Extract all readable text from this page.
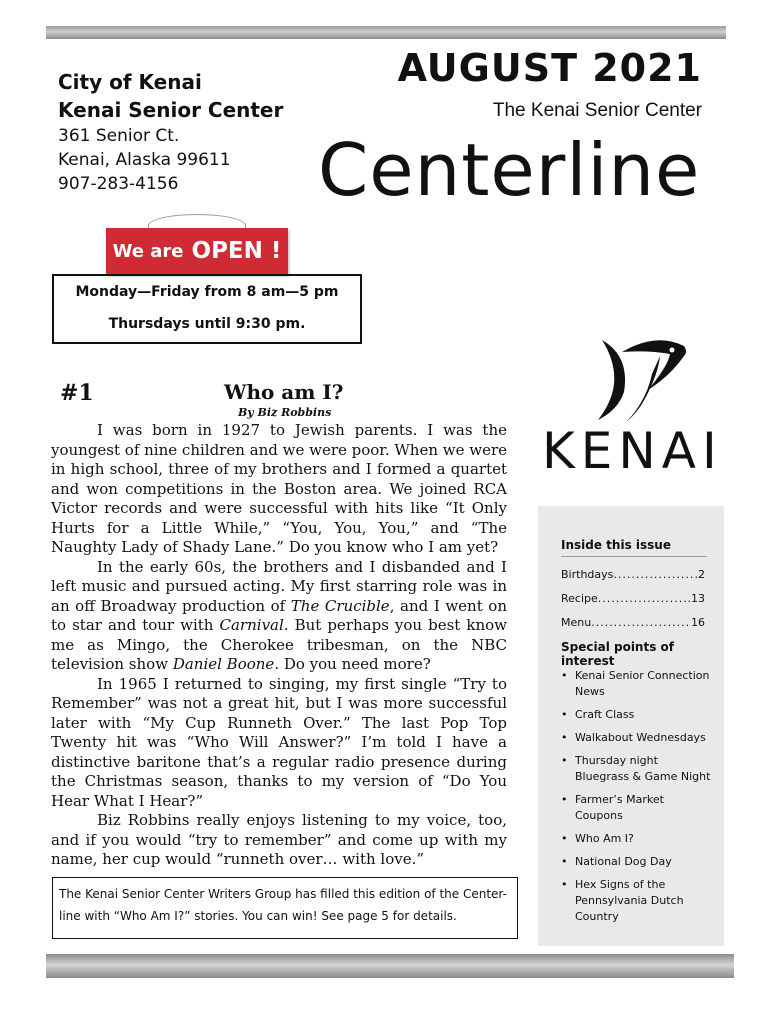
City of Kenai
Kenai Senior Center
361 Senior Ct.
Kenai, Alaska 99611
907-283-4156
AUGUST 2021
The Kenai Senior Center
Centerline
We are OPEN !
Monday—Friday from 8 am—5 pm
Thursdays until 9:30 pm.
KENAI
Inside this issue
Birthdays .....	.2
Recipe .....	.13
Menu .....	16
Special points of interest
• Kenai Senior Connection News
• Craft Class
• Walkabout Wednesdays
• Thursday night Bluegrass & Game Night
• Farmer’s Market Coupons
• Who Am I?
• National Dog Day
• Hex Signs of the Pennsylvania Dutch Country
#1	Who am I?
By Biz Robbins

I was born in 1927 to Jewish parents. I was the youngest of nine children and we were poor. When we were in high school, three of my brothers and I formed a quartet and won competitions in the Boston area. We joined RCA Victor records and were successful with hits like “It Only Hurts for a Little While,” “You, You, You,” and “The Naughty Lady of Shady Lane.” Do you know who I am yet?

In the early 60s, the brothers and I disbanded and I left music and pursued acting. My first starring role was in an off Broadway production of The Crucible, and I went on to star and tour with Carnival. But perhaps you best know me as Mingo, the Cherokee tribesman, on the NBC television show Daniel Boone. Do you need more?

In 1965 I returned to singing, my first single “Try to Remember” was not a great hit, but I was more successful later with “My Cup Runneth Over.” The last Pop Top Twenty hit was “Who Will Answer?” I’m told I have a distinctive baritone that’s a regular radio presence during the Christmas season, thanks to my version of “Do You Hear What I Hear?”

Biz Robbins really enjoys listening to my voice, too, and if you would “try to remember” and come up with my name, her cup would “runneth over… with love.”

The Kenai Senior Center Writers Group has filled this edition of the Center-
line with “Who Am I?” stories. You can win! See page 5 for details.
